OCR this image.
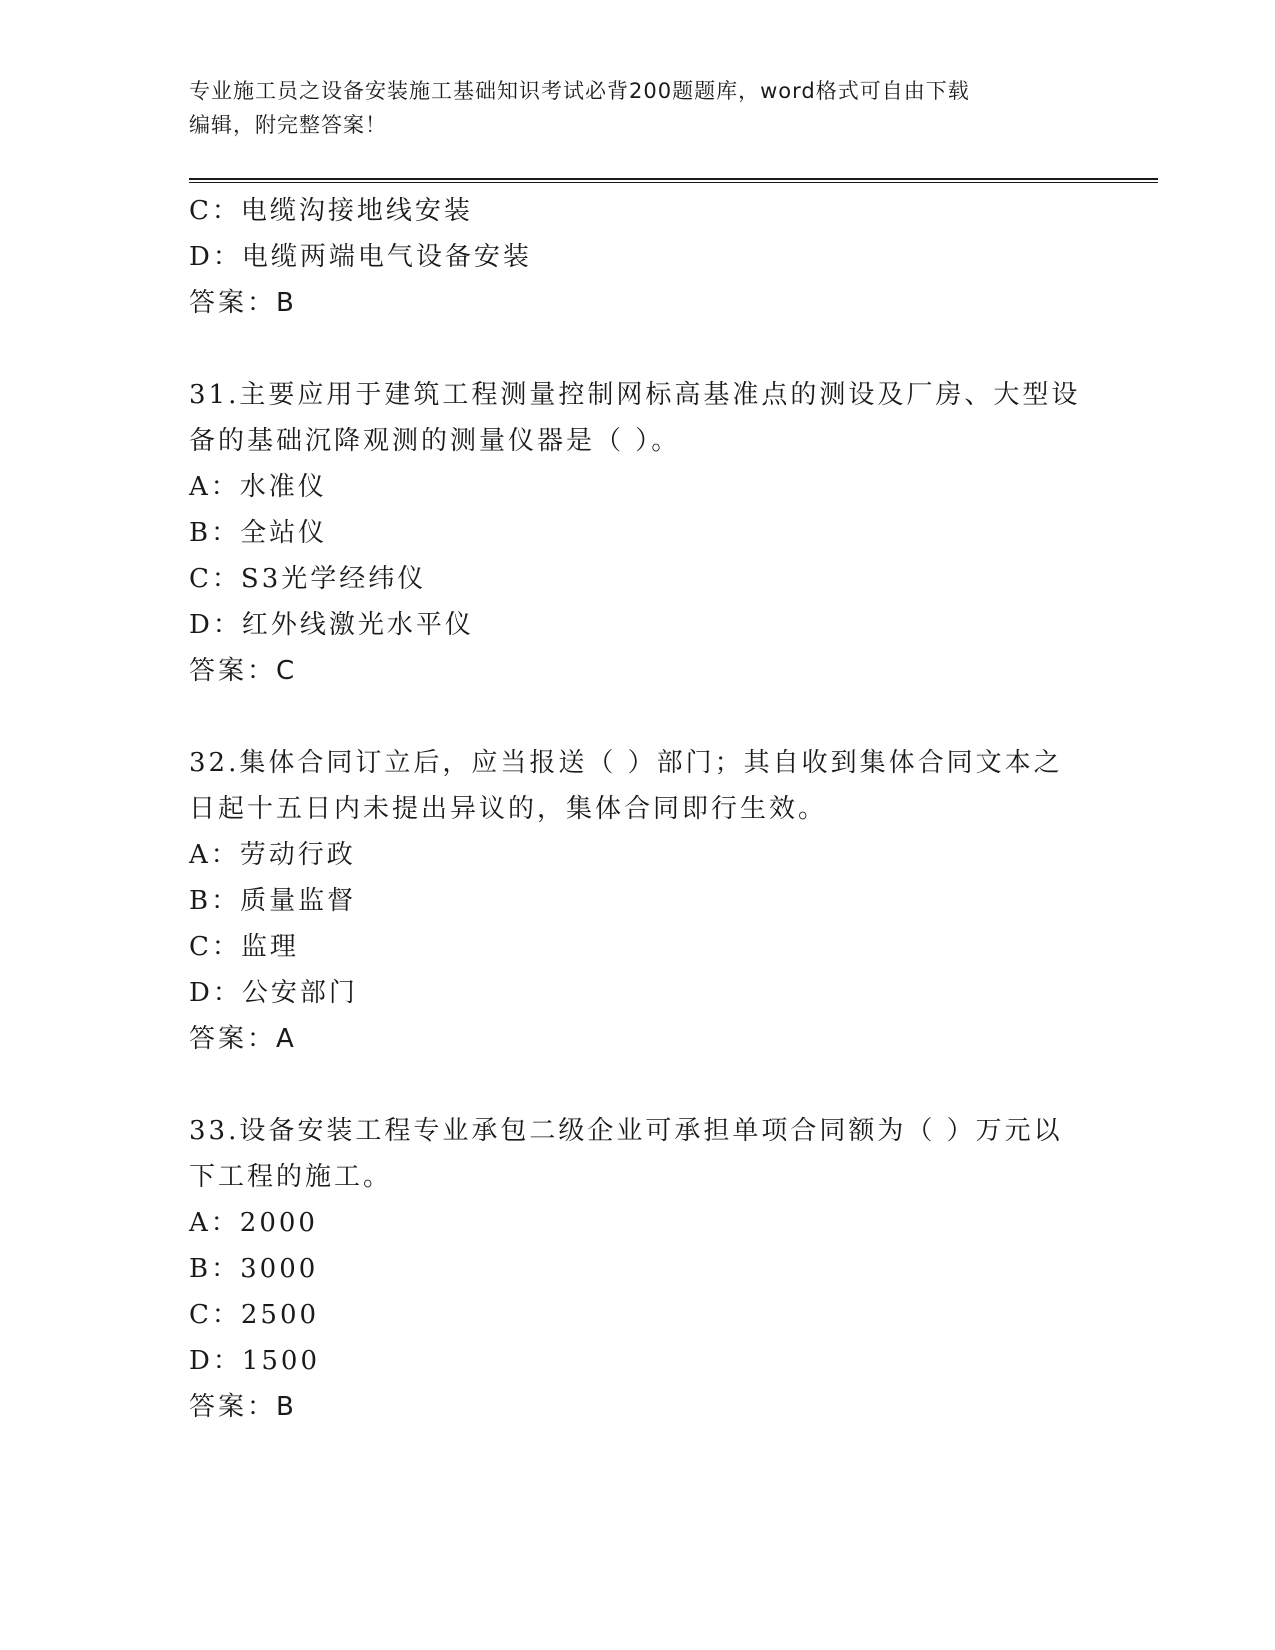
专业施工员之设备安装施工基础知识考试必背200题题库，word格式可自由下载
编辑，附完整答案！
C：电缆沟接地线安装
D：电缆两端电气设备安装
答案：B
31.主要应用于建筑工程测量控制网标高基准点的测设及厂房、大型设
备的基础沉降观测的测量仪器是（ ）。
A：水准仪
B：全站仪
C：S3光学经纬仪
D：红外线激光水平仪
答案：C
32.集体合同订立后，应当报送（ ）部门；其自收到集体合同文本之
日起十五日内未提出异议的，集体合同即行生效。
A：劳动行政
B：质量监督
C：监理
D：公安部门
答案：A
33.设备安装工程专业承包二级企业可承担单项合同额为（ ）万元以
下工程的施工。
A：2000
B：3000
C：2500
D：1500
答案：B
